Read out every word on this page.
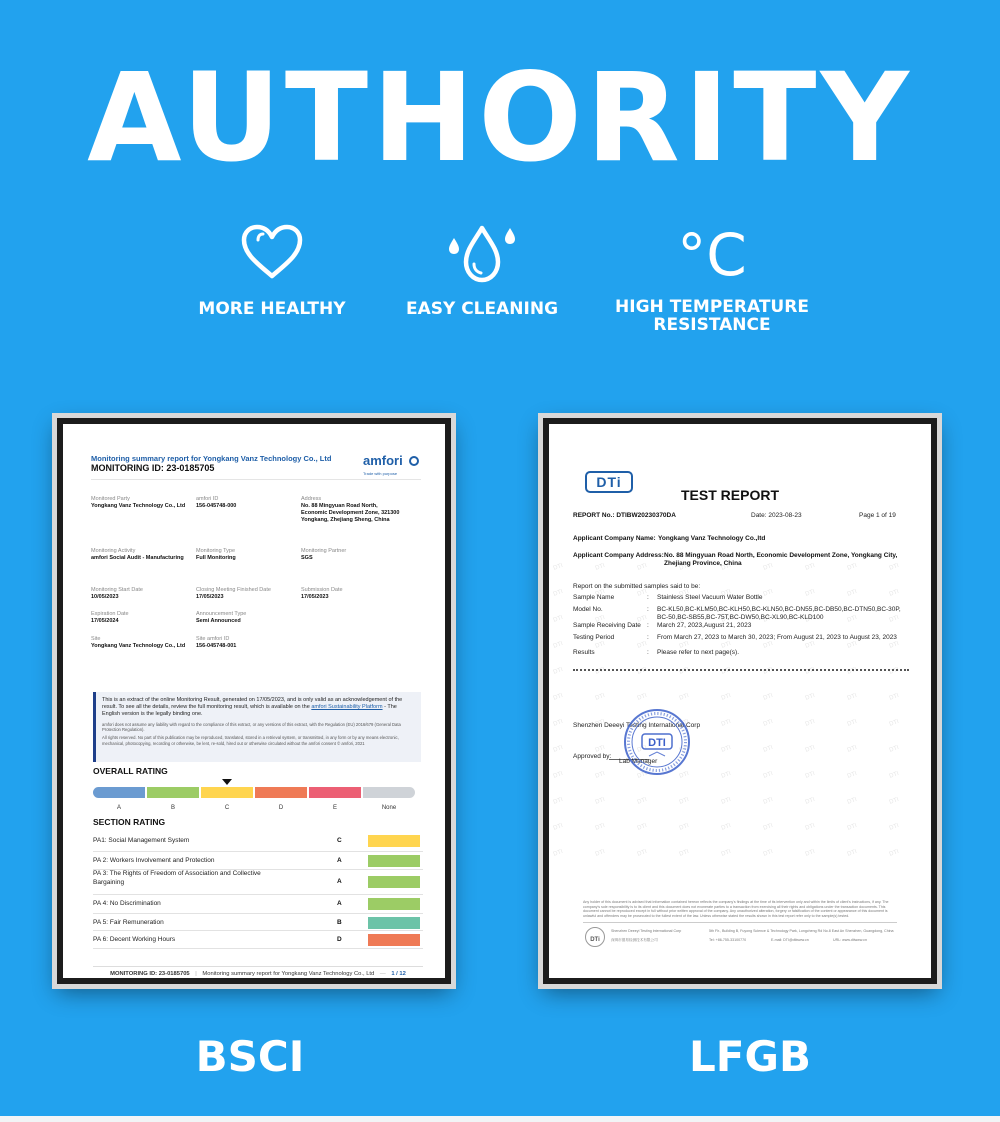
AUTHORITY
MORE HEALTHY	EASY CLEANING
°C
HIGH TEMPERATURE
RESISTANCE
Monitoring summary report for Yongkang Vanz Technology Co., Ltd
MONITORING ID: 23-0185705	amfori
Trade with purpose
Monitored Party
Yongkang Vanz Technology Co., Ltd
amfori ID
156-045748-000
Address
No. 88 Mingyuan Road North, Economic Development Zone, 321300 Yongkang, Zhejiang Sheng, China
Monitoring Activity
amfori Social Audit - Manufacturing
Monitoring Type
Full Monitoring
Monitoring Partner
SGS
Monitoring Start Date
10/05/2023
Closing Meeting Finished Date
17/05/2023
Submission Date
17/05/2023
Expiration Date
17/05/2024
Announcement Type
Semi Announced
Site
Yongkang Vanz Technology Co., Ltd
Site amfori ID
156-045748-001

This is an extract of the online Monitoring Result, generated on 17/05/2023, and is only valid as an acknowledgement of the result. To see all the details, review the full monitoring result, which is available on the amfori Sustainability Platform - The English version is the legally binding one.

amfori does not assume any liability with regard to the compliance of this extract, or any versions of this extract, with the Regulation (EU) 2016/679 (General Data Protection Regulation).

All rights reserved. No part of this publication may be reproduced, translated, stored in a retrieval system, or transmitted, in any form or by any means electronic, mechanical, photocopying, recording or otherwise, be lent, re-sold, hired out or otherwise circulated without the amfori consent © amfori, 2021

OVERALL RATING
A	B	C	D	E	None
SECTION RATING
PA1: Social Management System	C
PA 2: Workers Involvement and Protection	A
PA 3: The Rights of Freedom of Association and Collective Bargaining	A
PA 4: No Discrimination	A
PA 5: Fair Remuneration	B
PA 6: Decent Working Hours	D
MONITORING ID: 23-0185705 | Monitoring summary report for Yongkang Vanz Technology Co., Ltd — 1 / 12
DTi
TEST REPORT
REPORT No.: DTIBW20230370DA	Date: 2023-08-23	Page 1 of 19
Applicant Company Name: Yongkang Vanz Technology Co.,ltd
Applicant Company Address: No. 88 Mingyuan Road North, Economic Development Zone, Yongkang City, Zhejiang Province, China
Report on the submitted samples said to be:
Sample Name	: Stainless Steel Vacuum Water Bottle
Model No.	: BC-KL50,BC-KLM50,BC-KLH50,BC-KLN50,BC-DN55,BC-DB50,BC-DTN50,BC-30P, BC-50,BC-SB55,BC-75T,BC-DW50,BC-XL90,BC-KLD100
Sample Receiving Date : March 27, 2023,August 21, 2023
Testing Period	: From March 27, 2023 to March 30, 2023; From August 21, 2023 to August 23, 2023
Results	: Please refer to next page(s).
Shenzhen Deeeyi Testing International Corp
Approved by:
Lab Manager
DTI
Any holder of this document is advised that information contained hereon reflects the company's findings at the time of its intervention only and within the limits of client's instructions, if any. The company's sole responsibility is to its client and this document does not exonerate parties to a transaction from exercising all their rights and obligations under the transaction documents. This document cannot be reproduced except in full without prior written approval of the company. Any unauthorized alteration, forgery or falsification of the content or appearance of this document is unlawful and offenders may be prosecuted to the fullest extent of the law. Unless otherwise stated the results shown in this test report refer only to the sample(s) tested.
DTi
Shenzhen Deeeyi Testing International Corp
深圳市德易检测技术有限公司
5th Flr., Building B, Fuyong Science & Technology Park, Longcheng Rd No.8 East An Shenzhen, Guangdong, China
Tel: +86-755-33100770	E-mail: DTI@dtiwww.cn	URL: www.dtiwww.cn
BSCI	LFGB
